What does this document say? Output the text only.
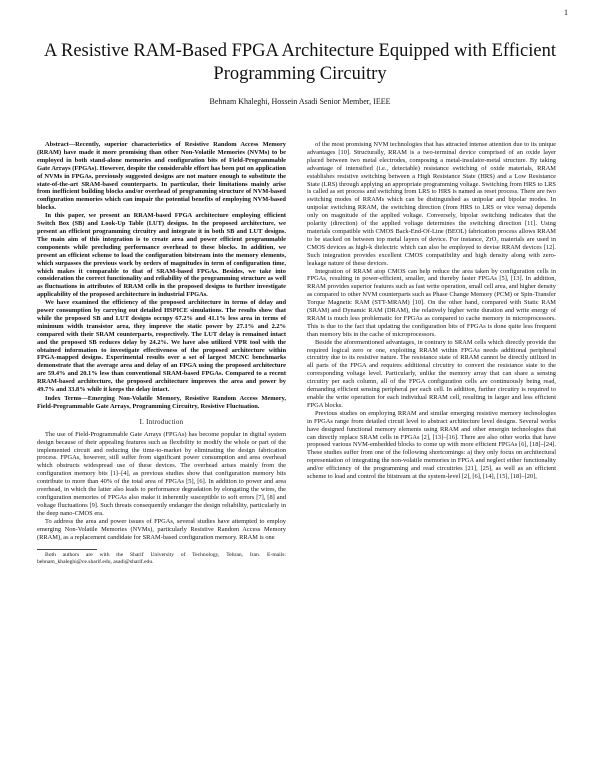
1
A Resistive RAM-Based FPGA Architecture Equipped with Efficient Programming Circuitry
Behnam Khaleghi, Hossein Asadi Senior Member, IEEE

Abstract—Recently, superior characteristics of Resistive Random Access Memory (RRAM) have made it more promising than other Non-Volatile Memories (NVMs) to be employed in both stand-alone memories and configuration bits of Field-Programmable Gate Arrays (FPGAs). However, despite the considerable effort has been put on application of NVMs in FPGAs, previously suggested designs are not mature enough to substitute the state-of-the-art SRAM-based counterparts. In particular, their limitations mainly arise from inefficient building blocks and/or overhead of programming structure of NVM-based configuration memories which can impair the potential benefits of employing NVM-based blocks.

In this paper, we present an RRAM-based FPGA architecture employing efficient Switch Box (SB) and Look-Up Table (LUT) designs. In the proposed architecture, we present an efficient programming circuitry and integrate it in both SB and LUT designs. The main aim of this integration is to create area and power efficient programmable components while precluding performance overhead to these blocks. In addition, we present an efficient scheme to load the configuration bitstream into the memory elements, which surpasses the previous work by orders of magnitudes in term of configuration time, which makes it comparable to that of SRAM-based FPGAs. Besides, we take into consideration the correct functionality and reliability of the programming structure as well as fluctuations in attributes of RRAM cells in the proposed designs to further investigate applicability of the proposed architecture in industrial FPGAs.

We have examined the efficiency of the proposed architecture in terms of delay and power consumption by carrying out detailed HSPICE simulations. The results show that while the proposed SB and LUT designs occupy 67.2% and 41.1% less area in terms of minimum width transistor area, they improve the static power by 27.1% and 2.2% compared with their SRAM counterparts, respectively. The LUT delay is remained intact and the proposed SB reduces delay by 24.2%. We have also utilized VPR tool with the obtained information to investigate effectiveness of the proposed architecture within FPGA-mapped designs. Experimental results over a set of largest MCNC benchmarks demonstrate that the average area and delay of an FPGA using the proposed architecture are 59.4% and 20.1% less than conventional SRAM-based FPGAs. Compared to a recent RRAM-based architecture, the proposed architecture improves the area and power by 49.7% and 33.8% while it keeps the delay intact.

Index Terms—Emerging Non-Volatile Memory, Resistive Random Access Memory, Field-Programmable Gate Arrays, Programming Circuitry, Resistive Fluctuation.

I. Introduction

The use of Field-Programmable Gate Arrays (FPGAs) has become popular in digital system design because of their appealing features such as flexibility to modify the whole or part of the implemented circuit and reducing the time-to-market by eliminating the design fabrication process. FPGAs, however, still suffer from significant power consumption and area overhead which obstructs widespread use of these devices. The overhead arises mainly from the configuration memory bits [1]–[4], as previous studies show that configuration memory bits contribute to more than 40% of the total area of FPGAs [5], [6]. In addition to power and area overhead, in which the latter also leads to performance degradation by elongating the wires, the configuration memories of FPGAs also make it inherently susceptible to soft errors [7], [8] and voltage fluctuations [9]. Such threats consequently endanger the design reliability, particularly in the deep nano-CMOS era.

To address the area and power issues of FPGAs, several studies have attempted to employ emerging Non-Volatile Memories (NVMs), particularly Resistive Random Access Memory (RRAM), as a replacement candidate for SRAM-based configuration memory. RRAM is one

Both authors are with the Sharif University of Technology, Tehran, Iran. E-mails: behnam_khaleghi@ce.sharif.edu, asadi@sharif.edu.

of the most promising NVM technologies that has attracted intense attention due to its unique advantages [10]. Structurally, RRAM is a two-terminal device comprised of an oxide layer placed between two metal electrodes, composing a metal-insulator-metal structure. By taking advantage of intensified (i.e., detectable) resistance switching of oxide materials, RRAM establishes resistive switching between a High Resistance State (HRS) and a Low Resistance State (LRS) through applying an appropriate programming voltage. Switching from HRS to LRS is called as set process and switching from LRS to HRS is named as reset process. There are two switching modes of RRAMs which can be distinguished as unipolar and bipolar modes. In unipolar switching RRAM, the switching direction (from HRS to LRS or vice versa) depends only on magnitude of the applied voltage. Conversely, bipolar switching indicates that the polarity (direction) of the applied voltage determines the switching direction [11]. Using materials compatible with CMOS Back-End-Of-Line (BEOL) fabrication process allows RRAM to be stacked on between top metal layers of device. For instance, ZrO₂ materials are used in CMOS devices as high-k dielectric which can also be employed to devise RRAM devices [12]. Such integration provides excellent CMOS compatibility and high density along with zero-leakage nature of these devices.

Integration of RRAM atop CMOS can help reduce the area taken by configuration cells in FPGAs, resulting in power-efficient, smaller, and thereby faster FPGAs [5], [13]. In addition, RRAM provides superior features such as fast write operation, small cell area, and higher density as compared to other NVM counterparts such as Phase Change Memory (PCM) or Spin-Transfer Torque Magnetic RAM (STT-MRAM) [10]. On the other hand, compared with Static RAM (SRAM) and Dynamic RAM (DRAM), the relatively higher write duration and write energy of RRAM is much less problematic for FPGAs as compared to cache memory in microprocessors. This is due to the fact that updating the configuration bits of FPGAs is done quite less frequent than memory bits in the cache of microprocessors.

Beside the aforementioned advantages, in contrary to SRAM cells which directly provide the required logical zero or one, exploiting RRAM within FPGAs needs additional peripheral circuitry due to its resistive nature. The resistance state of RRAM cannot be directly utilized in all parts of the FPGA and requires additional circuitry to convert the resistance state to the corresponding voltage level. Particularly, unlike the memory array that can share a sensing circuitry per each column, all of the FPGA configuration cells are continuously being read, demanding efficient sensing peripheral per each cell. In addition, further circuitry is required to enable the write operation for each individual RRAM cell, resulting in larger and less efficient FPGA blocks.

Previous studies on employing RRAM and similar emerging resistive memory technologies in FPGAs range from detailed circuit level to abstract architecture level designs. Several works have designed functional memory elements using RRAM and other emergin technologies that can directly replace SRAM cells in FPGAs [2], [13]–[16]. There are also other works that have proposed various NVM-embedded blocks to come up with more efficient FPGAs [6], [18]–[24]. These studies suffer from one of the following shortcomings: a) they only focus on architectural representation of integrating the non-volatile memories in FPGA and neglect either functionality and/or efficiency of the programming and read circuitries [21], [25], as well as an efficient scheme to load and control the bitstream at the system-level [2], [6], [14], [15], [18]–[20],
